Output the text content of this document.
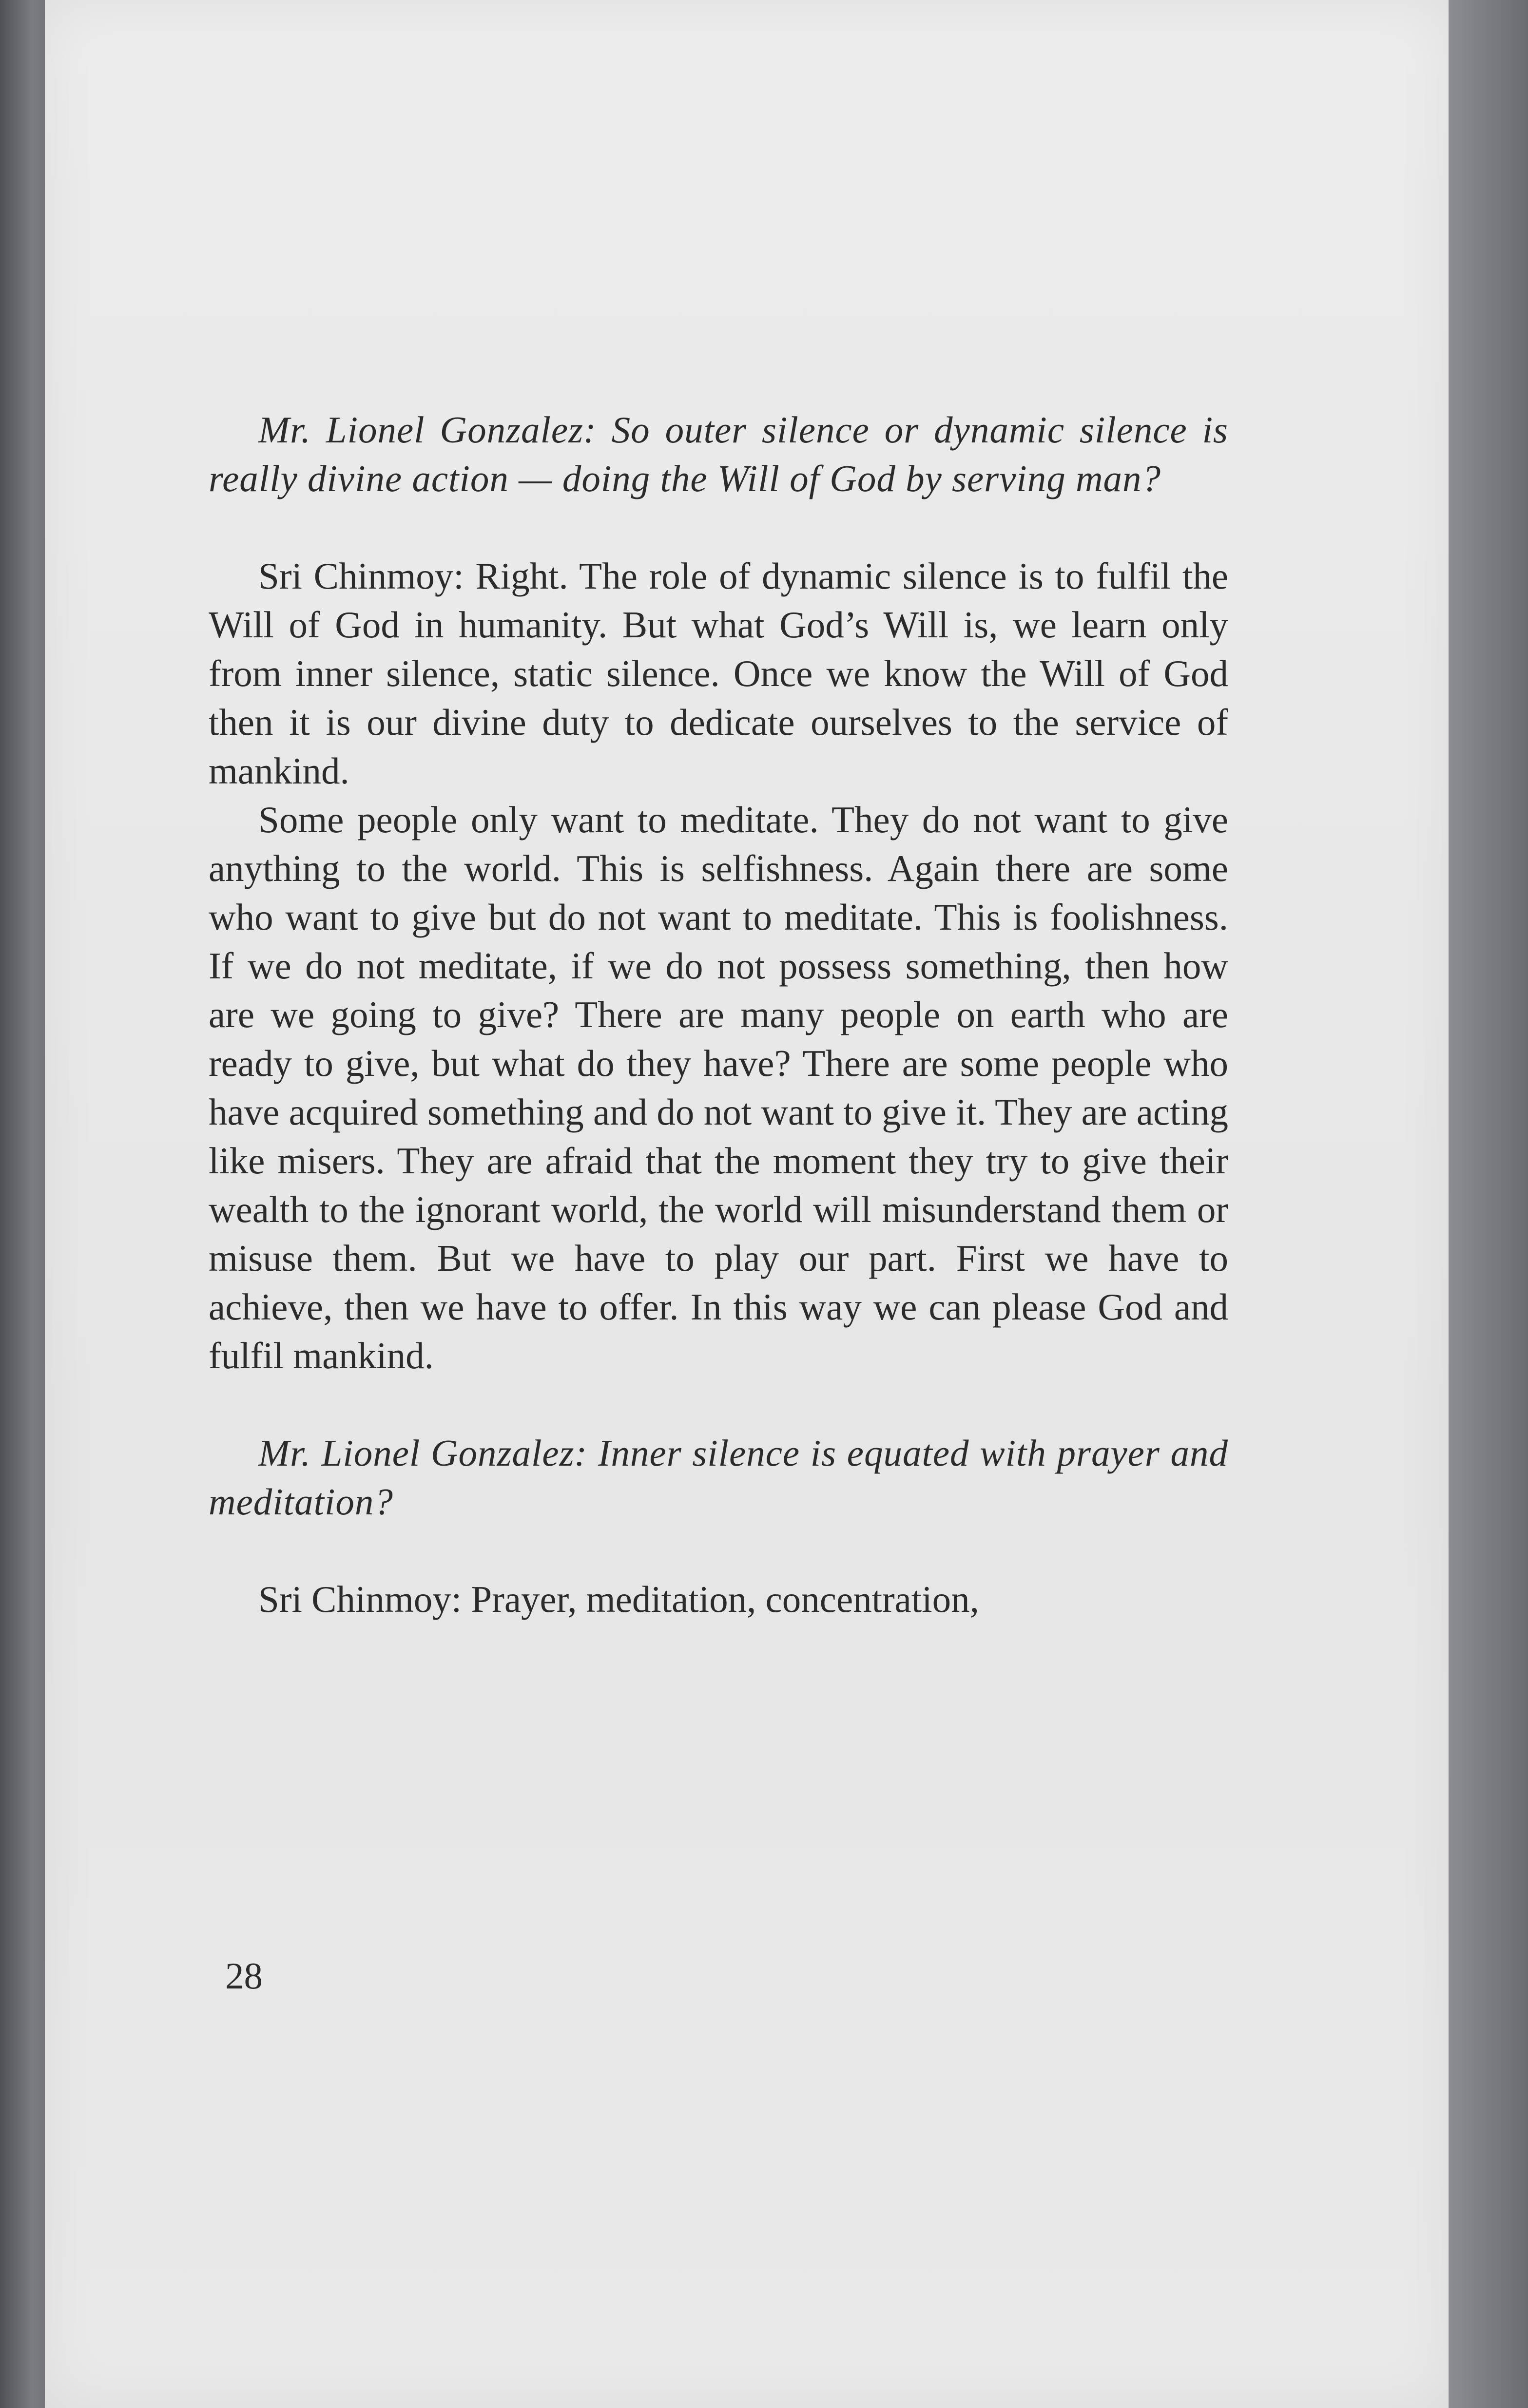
Mr. Lionel Gonzalez: So outer silence or dynamic silence is really divine action — doing the Will of God by serving man?

Sri Chinmoy: Right. The role of dynamic silence is to fulfil the Will of God in humanity. But what God’s Will is, we learn only from inner silence, static silence. Once we know the Will of God then it is our divine duty to dedicate ourselves to the service of mankind.

Some people only want to meditate. They do not want to give anything to the world. This is selfishness. Again there are some who want to give but do not want to meditate. This is foolishness. If we do not meditate, if we do not possess something, then how are we going to give? There are many people on earth who are ready to give, but what do they have? There are some people who have acquired something and do not want to give it. They are acting like misers. They are afraid that the moment they try to give their wealth to the ignorant world, the world will misunderstand them or misuse them. But we have to play our part. First we have to achieve, then we have to offer. In this way we can please God and fulfil mankind.

Mr. Lionel Gonzalez: Inner silence is equated with prayer and meditation?

Sri Chinmoy: Prayer, meditation, concentration,

28
